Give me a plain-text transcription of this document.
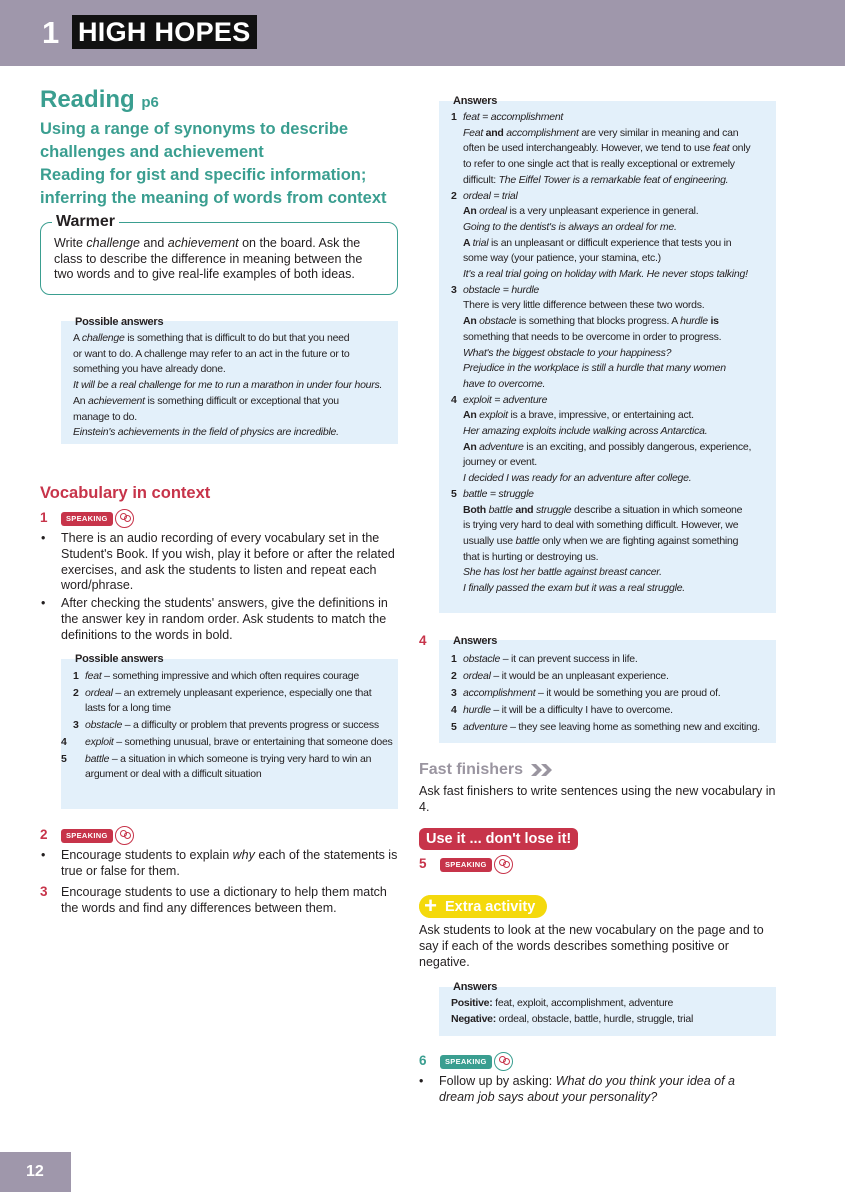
1 HIGH HOPES
Reading p6
Using a range of synonyms to describe
challenges and achievement
Reading for gist and specific information;
inferring the meaning of words from context
Warmer
Write challenge and achievement on the board. Ask the class to describe the difference in meaning between the two words and to give real-life examples of both ideas.
Possible answers
A challenge is something that is difficult to do but that you need
or want to do. A challenge may refer to an act in the future or to
something you have already done.
It will be a real challenge for me to run a marathon in under four hours.
An achievement is something difficult or exceptional that you
manage to do.
Einstein's achievements in the field of physics are incredible.
Vocabulary in context
1	SPEAKING
• There is an audio recording of every vocabulary set in the Student's Book. If you wish, play it before or after the related exercises, and ask the students to listen and repeat each word/phrase.
• After checking the students' answers, give the definitions in the answer key in random order. Ask students to match the definitions to the words in bold.
Possible answers
1 feat – something impressive and which often requires courage
2 ordeal – an extremely unpleasant experience, especially one that lasts for a long time
3 obstacle – a difficulty or problem that prevents progress or success
4 exploit – something unusual, brave or entertaining that someone does
5 battle – a situation in which someone is trying very hard to win an argument or deal with a difficult situation
2	SPEAKING
• Encourage students to explain why each of the statements is true or false for them.
3 Encourage students to use a dictionary to help them match the words and find any differences between them.
Answers
1 feat = accomplishment
Feat and accomplishment are very similar in meaning and can
often be used interchangeably. However, we tend to use feat only
to refer to one single act that is really exceptional or extremely
difficult: The Eiffel Tower is a remarkable feat of engineering.
2 ordeal = trial
An ordeal is a very unpleasant experience in general.
Going to the dentist's is always an ordeal for me.
A trial is an unpleasant or difficult experience that tests you in
some way (your patience, your stamina, etc.)
It's a real trial going on holiday with Mark. He never stops talking!
3 obstacle = hurdle
There is very little difference between these two words.
An obstacle is something that blocks progress. A hurdle is
something that needs to be overcome in order to progress.
What's the biggest obstacle to your happiness?
Prejudice in the workplace is still a hurdle that many women
have to overcome.
4 exploit = adventure
An exploit is a brave, impressive, or entertaining act.
Her amazing exploits include walking across Antarctica.
An adventure is an exciting, and possibly dangerous, experience,
journey or event.
I decided I was ready for an adventure after college.
5 battle = struggle
Both battle and struggle describe a situation in which someone
is trying very hard to deal with something difficult. However, we
usually use battle only when we are fighting against something
that is hurting or destroying us.
She has lost her battle against breast cancer.
I finally passed the exam but it was a real struggle.
4 Answers
1 obstacle – it can prevent success in life.
2 ordeal – it would be an unpleasant experience.
3 accomplishment – it would be something you are proud of.
4 hurdle – it will be a difficulty I have to overcome.
5 adventure – they see leaving home as something new and exciting.
Fast finishers
Ask fast finishers to write sentences using the new vocabulary in 4.
Use it ... don't lose it!
5	SPEAKING
+ Extra activity
Ask students to look at the new vocabulary on the page and to say if each of the words describes something positive or negative.
Answers
Positive: feat, exploit, accomplishment, adventure
Negative: ordeal, obstacle, battle, hurdle, struggle, trial
6	SPEAKING
• Follow up by asking: What do you think your idea of a dream job says about your personality?
12
